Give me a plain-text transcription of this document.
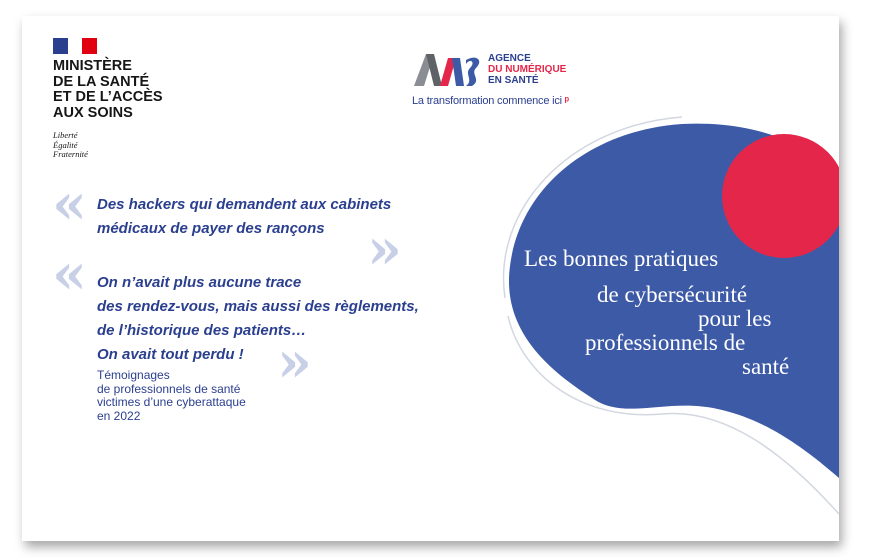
MINISTÈRE
DE LA SANTÉ
ET DE L’ACCÈS
AUX SOINS
Liberté
Égalité
Fraternité
AGENCE
DU NUMÉRIQUE
EN SANTÉ
La transformation commence ici ᵖ
« Des hackers qui demandent aux cabinets
médicaux de payer des rançons »
« On n’avait plus aucune trace
des rendez-vous, mais aussi des règlements,
de l’historique des patients…
On avait tout perdu ! »
Témoignages
de professionnels de santé
victimes d’une cyberattaque
en 2022
Les bonnes pratiques
de cybersécurité
pour les
professionnels de
santé
